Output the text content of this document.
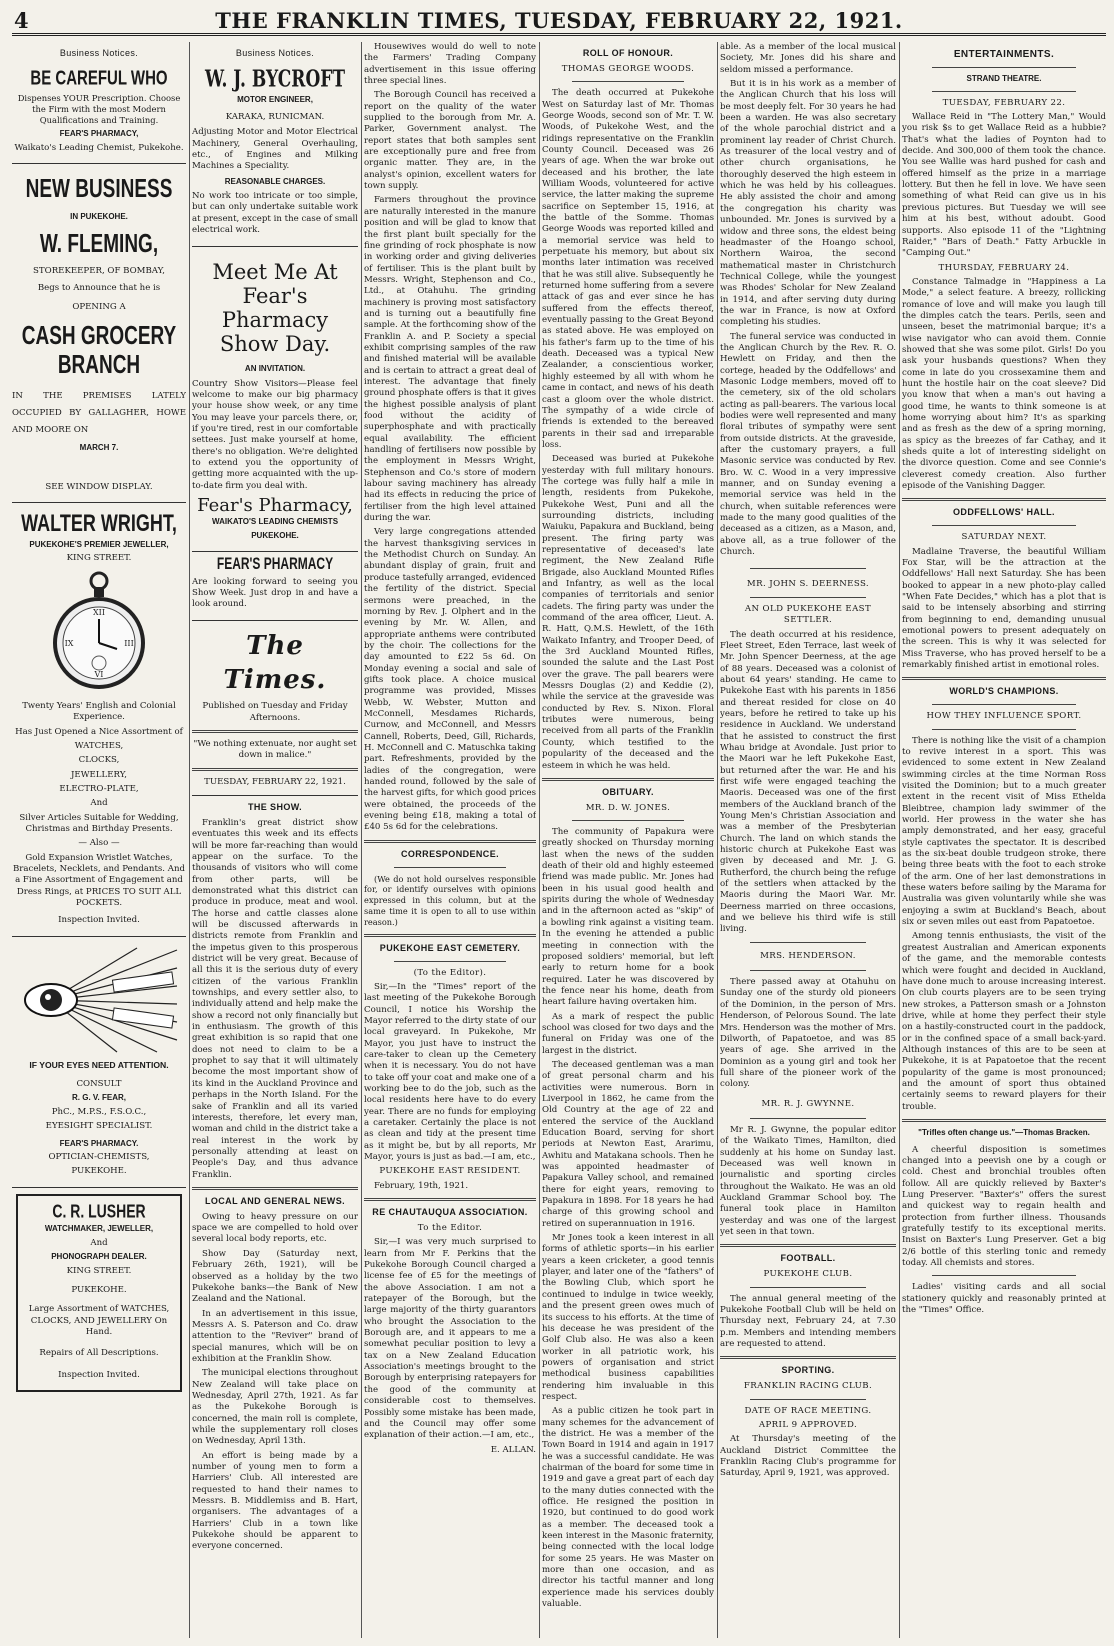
4	THE FRANKLIN TIMES, TUESDAY, FEBRUARY 22, 1921.
Business Notices.
BE CAREFUL WHO

Dispenses YOUR Prescription. Choose the Firm with the most Modern Qualifications and Training.

FEAR'S PHARMACY,

Waikato's Leading Chemist, Pukekohe.

NEW BUSINESS

IN PUKEKOHE.

W. FLEMING,

STOREKEEPER, OF BOMBAY,

Begs to Announce that he is

OPENING A

CASH GROCERY
BRANCH

IN THE PREMISES LATELY OCCUPIED BY GALLAGHER, HOWE AND MOORE ON

MARCH 7.

SEE WINDOW DISPLAY.

WALTER WRIGHT,

PUKEKOHE'S PREMIER JEWELLER,

KING STREET.

XII
III
VI
IX

Twenty Years' English and Colonial Experience.

Has Just Opened a Nice Assortment of

WATCHES,

CLOCKS,

JEWELLERY,

ELECTRO-PLATE,

And

Silver Articles Suitable for Wedding, Christmas and Birthday Presents.

— Also —

Gold Expansion Wristlet Watches, Bracelets, Necklets, and Pendants. And a Fine Assortment of Engagement and Dress Rings, at PRICES TO SUIT ALL POCKETS.

Inspection Invited.

IF YOUR EYES NEED ATTENTION.

CONSULT

R. G. V. FEAR,

PhC., M.P.S., F.S.O.C.,

EYESIGHT SPECIALIST.

FEAR'S PHARMACY.

OPTICIAN-CHEMISTS,

PUKEKOHE.

C. R. LUSHER

WATCHMAKER, JEWELLER,

And

PHONOGRAPH DEALER.

KING STREET.

PUKEKOHE.

Large Assortment of WATCHES, CLOCKS, AND JEWELLERY On Hand.

Repairs of All Descriptions.

Inspection Invited.

Business Notices.
W. J. BYCROFT

MOTOR ENGINEER,

KARAKA, RUNICMAN.

Adjusting Motor and Motor Electrical Machinery, General Overhauling, etc., of Engines and Milking Machines a Speciality.

REASONABLE CHARGES.

No work too intricate or too simple, but can only undertake suitable work at present, except in the case of small electrical work.

Meet Me At Fear's Pharmacy Show Day.

AN INVITATION.

Country Show Visitors—Please feel welcome to make our big pharmacy your house show week, or any time You may leave your parcels there, or, if you're tired, rest in our comfortable settees. Just make yourself at home, there's no obligation. We're delighted to extend you the opportunity of getting more acquainted with the up-to-date firm you deal with.

Fear's Pharmacy,

WAIKATO'S LEADING CHEMISTS

PUKEKOHE.

FEAR'S PHARMACY

Are looking forward to seeing you Show Week. Just drop in and have a look around.

The Times.

Published on Tuesday and Friday Afternoons.

"We nothing extenuate, nor aught set down in malice."

TUESDAY, FEBRUARY 22, 1921.

THE SHOW.

Franklin's great district show eventuates this week and its effects will be more far-reaching than would appear on the surface. To the thousands of visitors who will come from other parts, will be demonstrated what this district can produce in produce, meat and wool. The horse and cattle classes alone will be discussed afterwards in districts remote from Franklin and the impetus given to this prosperous district will be very great. Because of all this it is the serious duty of every citizen of the various Franklin townships, and every settler also, to individually attend and help make the show a record not only financially but in enthusiasm. The growth of this great exhibition is so rapid that one does not need to claim to be a prophet to say that it will ultimately become the most important show of its kind in the Auckland Province and perhaps in the North Island. For the sake of Franklin and all its varied interests, therefore, let every man, woman and child in the district take a real interest in the work by personally attending at least on People's Day, and thus advance Franklin.

LOCAL AND GENERAL NEWS.

Owing to heavy pressure on our space we are compelled to hold over several local body reports, etc.

Show Day (Saturday next, February 26th, 1921), will be observed as a holiday by the two Pukekohe banks—the Bank of New Zealand and the National.

In an advertisement in this issue, Messrs A. S. Paterson and Co. draw attention to the "Reviver" brand of special manures, which will be on exhibition at the Franklin Show.

The municipal elections throughout New Zealand will take place on Wednesday, April 27th, 1921. As far as the Pukekohe Borough is concerned, the main roll is complete, while the supplementary roll closes on Wednesday, April 13th.

An effort is being made by a number of young men to form a Harriers' Club. All interested are requested to hand their names to Messrs. B. Middlemiss and B. Hart, organisers. The advantages of a Harriers' Club in a town like Pukekohe should be apparent to everyone concerned.

Housewives would do well to note the Farmers' Trading Company advertisement in this issue offering three special lines.

The Borough Council has received a report on the quality of the water supplied to the borough from Mr. A. Parker, Government analyst. The report states that both samples sent are exceptionally pure and free from organic matter. They are, in the analyst's opinion, excellent waters for town supply.

Farmers throughout the province are naturally interested in the manure position and will be glad to know that the first plant built specially for the fine grinding of rock phosphate is now in working order and giving deliveries of fertiliser. This is the plant built by Messrs. Wright, Stephenson and Co., Ltd., at Otahuhu. The grinding machinery is proving most satisfactory and is turning out a beautifully fine sample. At the forthcoming show of the Franklin A. and P. Society a special exhibit comprising samples of the raw and finished material will be available and is certain to attract a great deal of interest. The advantage that finely ground phosphate offers is that it gives the highest possible analysis of plant food without the acidity of superphosphate and with practically equal availability. The efficient handling of fertilisers now possible by the employment in Messrs Wright, Stephenson and Co.'s store of modern labour saving machinery has already had its effects in reducing the price of fertiliser from the high level attained during the war.

Very large congregations attended the harvest thanksgiving services in the Methodist Church on Sunday. An abundant display of grain, fruit and produce tastefully arranged, evidenced the fertility of the district. Special sermons were preached, in the morning by Rev. J. Olphert and in the evening by Mr. W. Allen, and appropriate anthems were contributed by the choir. The collections for the day amounted to £22 5s 6d. On Monday evening a social and sale of gifts took place. A choice musical programme was provided, Misses Webb, W. Webster, Mutton and McConnell, Mesdames Richards, Curnow, and McConnell, and Messrs Cannell, Roberts, Deed, Gill, Richards, H. McConnell and C. Matuschka taking part. Refreshments, provided by the ladies of the congregation, were handed round, followed by the sale of the harvest gifts, for which good prices were obtained, the proceeds of the evening being £18, making a total of £40 5s 6d for the celebrations.

CORRESPONDENCE.

(We do not hold ourselves responsible for, or identify ourselves with opinions expressed in this column, but at the same time it is open to all to use within reason.)

PUKEKOHE EAST CEMETERY.

(To the Editor).

Sir,—In the "Times" report of the last meeting of the Pukekohe Borough Council, I notice his Worship the Mayor referred to the dirty state of our local graveyard. In Pukekohe, Mr Mayor, you just have to instruct the care-taker to clean up the Cemetery when it is necessary. You do not have to take off your coat and make one of a working bee to do the job, such as the local residents here have to do every year. There are no funds for employing a caretaker. Certainly the place is not as clean and tidy at the present time as it might be, but by all reports, Mr Mayor, yours is just as bad.—I am, etc.,

PUKEKOHE EAST RESIDENT.

February, 19th, 1921.

RE CHAUTAUQUA ASSOCIATION.

To the Editor.

Sir,—I was very much surprised to learn from Mr F. Perkins that the Pukekohe Borough Council charged a license fee of £5 for the meetings of the above Association. I am not a ratepayer of the Borough, but the large majority of the thirty guarantors who brought the Association to the Borough are, and it appears to me a somewhat peculiar position to levy a tax on a New Zealand Education Association's meetings brought to the Borough by enterprising ratepayers for the good of the community at considerable cost to themselves. Possibly some mistake has been made, and the Council may offer some explanation of their action.—I am, etc.,

E. ALLAN.

ROLL OF HONOUR.

THOMAS GEORGE WOODS.

The death occurred at Pukekohe West on Saturday last of Mr. Thomas George Woods, second son of Mr. T. W. Woods, of Pukekohe West, and the ridings representative on the Franklin County Council. Deceased was 26 years of age. When the war broke out deceased and his brother, the late William Woods, volunteered for active service, the latter making the supreme sacrifice on September 15, 1916, at the battle of the Somme. Thomas George Woods was reported killed and a memorial service was held to perpetuate his memory, but about six months later intimation was received that he was still alive. Subsequently he returned home suffering from a severe attack of gas and ever since he has suffered from the effects thereof, eventually passing to the Great Beyond as stated above. He was employed on his father's farm up to the time of his death. Deceased was a typical New Zealander, a conscientious worker, highly esteemed by all with whom he came in contact, and news of his death cast a gloom over the whole district. The sympathy of a wide circle of friends is extended to the bereaved parents in their sad and irreparable loss.

Deceased was buried at Pukekohe yesterday with full military honours. The cortege was fully half a mile in length, residents from Pukekohe, Pukekohe West, Puni and all the surrounding districts, including Waiuku, Papakura and Buckland, being present. The firing party was representative of deceased's late regiment, the New Zealand Rifle Brigade, also Auckland Mounted Rifles and Infantry, as well as the local companies of territorials and senior cadets. The firing party was under the command of the area officer, Lieut. A. R. Hatt, Q.M.S. Hewlett, of the 16th Waikato Infantry, and Trooper Deed, of the 3rd Auckland Mounted Rifles, sounded the salute and the Last Post over the grave. The pall bearers were Messrs Douglas (2) and Keddie (2), while the service at the graveside was conducted by Rev. S. Nixon. Floral tributes were numerous, being received from all parts of the Franklin County, which testified to the popularity of the deceased and the esteem in which he was held.

OBITUARY.

MR. D. W. JONES.

The community of Papakura were greatly shocked on Thursday morning last when the news of the sudden death of their old and highly esteemed friend was made public. Mr. Jones had been in his usual good health and spirits during the whole of Wednesday and in the afternoon acted as "skip" of a bowling rink against a visiting team. In the evening he attended a public meeting in connection with the proposed soldiers' memorial, but left early to return home for a book required. Later he was discovered by the fence near his home, death from heart failure having overtaken him.

As a mark of respect the public school was closed for two days and the funeral on Friday was one of the largest in the district.

The deceased gentleman was a man of great personal charm and his activities were numerous. Born in Liverpool in 1862, he came from the Old Country at the age of 22 and entered the service of the Auckland Education Board, serving for short periods at Newton East, Ararimu, Awhitu and Matakana schools. Then he was appointed headmaster of Papakura Valley school, and remained there for eight years, removing to Papakura in 1898. For 18 years he had charge of this growing school and retired on superannuation in 1916.

Mr Jones took a keen interest in all forms of athletic sports—in his earlier years a keen cricketer, a good tennis player, and later one of the "fathers" of the Bowling Club, which sport he continued to indulge in twice weekly, and the present green owes much of its success to his efforts. At the time of his decease he was president of the Golf Club also. He was also a keen worker in all patriotic work, his powers of organisation and strict methodical business capabilities rendering him invaluable in this respect.

As a public citizen he took part in many schemes for the advancement of the district. He was a member of the Town Board in 1914 and again in 1917 he was a successful candidate. He was chairman of the board for some time in 1919 and gave a great part of each day to the many duties connected with the office. He resigned the position in 1920, but continued to do good work as a member. The deceased took a keen interest in the Masonic fraternity, being connected with the local lodge for some 25 years. He was Master on more than one occasion, and as director his tactful manner and long experience made his services doubly valuable.

able. As a member of the local musical Society, Mr. Jones did his share and seldom missed a performance.

But it is in his work as a member of the Anglican Church that his loss will be most deeply felt. For 30 years he had been a warden. He was also secretary of the whole parochial district and a prominent lay reader of Christ Church. As treasurer of the local vestry and of other church organisations, he thoroughly deserved the high esteem in which he was held by his colleagues. He ably assisted the choir and among the congregation his charity was unbounded. Mr. Jones is survived by a widow and three sons, the eldest being headmaster of the Hoango school, Northern Wairoa, the second mathematical master in Christchurch Technical College, while the youngest was Rhodes' Scholar for New Zealand in 1914, and after serving duty during the war in France, is now at Oxford completing his studies.

The funeral service was conducted in the Anglican Church by the Rev. R. O. Hewlett on Friday, and then the cortege, headed by the Oddfellows' and Masonic Lodge members, moved off to the cemetery, six of the old scholars acting as pall-bearers. The various local bodies were well represented and many floral tributes of sympathy were sent from outside districts. At the graveside, after the customary prayers, a full Masonic service was conducted by Rev. Bro. W. C. Wood in a very impressive manner, and on Sunday evening a memorial service was held in the church, when suitable references were made to the many good qualities of the deceased as a citizen, as a Mason, and, above all, as a true follower of the Church.

MR. JOHN S. DEERNESS.

AN OLD PUKEKOHE EAST SETTLER.

The death occurred at his residence, Fleet Street, Eden Terrace, last week of Mr. John Spencer Deerness, at the age of 88 years. Deceased was a colonist of about 64 years' standing. He came to Pukekohe East with his parents in 1856 and thereat resided for close on 40 years, before he retired to take up his residence in Auckland. We understand that he assisted to construct the first Whau bridge at Avondale. Just prior to the Maori war he left Pukekohe East, but returned after the war. He and his first wife were engaged teaching the Maoris. Deceased was one of the first members of the Auckland branch of the Young Men's Christian Association and was a member of the Presbyterian Church. The land on which stands the historic church at Pukekohe East was given by deceased and Mr. J. G. Rutherford, the church being the refuge of the settlers when attacked by the Maoris during the Maori War. Mr. Deerness married on three occasions, and we believe his third wife is still living.

MRS. HENDERSON.

There passed away at Otahuhu on Sunday one of the sturdy old pioneers of the Dominion, in the person of Mrs. Henderson, of Pelorous Sound. The late Mrs. Henderson was the mother of Mrs. Dilworth, of Papatoetoe, and was 85 years of age. She arrived in the Dominion as a young girl and took her full share of the pioneer work of the colony.

MR. R. J. GWYNNE.

Mr R. J. Gwynne, the popular editor of the Waikato Times, Hamilton, died suddenly at his home on Sunday last. Deceased was well known in journalistic and sporting circles throughout the Waikato. He was an old Auckland Grammar School boy. The funeral took place in Hamilton yesterday and was one of the largest yet seen in that town.

FOOTBALL.

PUKEKOHE CLUB.

The annual general meeting of the Pukekohe Football Club will be held on Thursday next, February 24, at 7.30 p.m. Members and intending members are requested to attend.

SPORTING.

FRANKLIN RACING CLUB.

DATE OF RACE MEETING.

APRIL 9 APPROVED.

At Thursday's meeting of the Auckland District Committee the Franklin Racing Club's programme for Saturday, April 9, 1921, was approved.

ENTERTAINMENTS.

STRAND THEATRE.

TUESDAY, FEBRUARY 22.

Wallace Reid in "The Lottery Man," Would you risk $s to get Wallace Reid as a hubbie? That's what the ladies of Poynton had to decide. And 300,000 of them took the chance. You see Wallie was hard pushed for cash and offered himself as the prize in a marriage lottery. But then he fell in love. We have seen something of what Reid can give us in his previous pictures. But Tuesday we will see him at his best, without adoubt. Good supports. Also episode 11 of the "Lightning Raider," "Bars of Death." Fatty Arbuckle in "Camping Out."

THURSDAY, FEBRUARY 24.

Constance Talmadge in "Happiness a La Mode," a select feature. A breezy, rollicking romance of love and will make you laugh till the dimples catch the tears. Perils, seen and unseen, beset the matrimonial barque; it's a wise navigator who can avoid them. Connie showed that she was some pilot. Girls! Do you ask your husbands questions? When they come in late do you crossexamine them and hunt the hostile hair on the coat sleeve? Did you know that when a man's out having a good time, he wants to think someone is at home worrying about him? It's as sparking and as fresh as the dew of a spring morning, as spicy as the breezes of far Cathay, and it sheds quite a lot of interesting sidelight on the divorce question. Come and see Connie's cleverest comedy creation. Also further episode of the Vanishing Dagger.

ODDFELLOWS' HALL.

SATURDAY NEXT.

Madlaine Traverse, the beautiful William Fox Star, will be the attraction at the Oddfellows' Hall next Saturday. She has been booked to appear in a new photo-play called "When Fate Decides," which has a plot that is said to be intensely absorbing and stirring from beginning to end, demanding unusual emotional powers to present adequately on the screen. This is why it was selected for Miss Traverse, who has proved herself to be a remarkably finished artist in emotional roles.

WORLD'S CHAMPIONS.

HOW THEY INFLUENCE SPORT.

There is nothing like the visit of a champion to revive interest in a sport. This was evidenced to some extent in New Zealand swimming circles at the time Norman Ross visited the Dominion; but to a much greater extent in the recent visit of Miss Ethelda Bleibtree, champion lady swimmer of the world. Her prowess in the water she has amply demonstrated, and her easy, graceful style captivates the spectator. It is described as the six-beat double trudgeon stroke, there being three beats with the foot to each stroke of the arm. One of her last demonstrations in these waters before sailing by the Marama for Australia was given voluntarily while she was enjoying a swim at Buckland's Beach, about six or seven miles out east from Papatoetoe.

Among tennis enthusiasts, the visit of the greatest Australian and American exponents of the game, and the memorable contests which were fought and decided in Auckland, have done much to arouse increasing interest. On club courts players are to be seen trying new strokes, a Patterson smash or a Johnston drive, while at home they perfect their style on a hastily-constructed court in the paddock, or in the confined space of a small back-yard. Although instances of this are to be seen at Pukekohe, it is at Papatoetoe that the recent popularity of the game is most pronounced; and the amount of sport thus obtained certainly seems to reward players for their trouble.

"Trifles often change us."—Thomas Bracken.

A cheerful disposition is sometimes changed into a peevish one by a cough or cold. Chest and bronchial troubles often follow. All are quickly relieved by Baxter's Lung Preserver. "Baxter's" offers the surest and quickest way to regain health and protection from further illness. Thousands gratefully testify to its exceptional merits. Insist on Baxter's Lung Preserver. Get a big 2/6 bottle of this sterling tonic and remedy today. All chemists and stores.

Ladies' visiting cards and all social stationery quickly and reasonably printed at the "Times" Office.
